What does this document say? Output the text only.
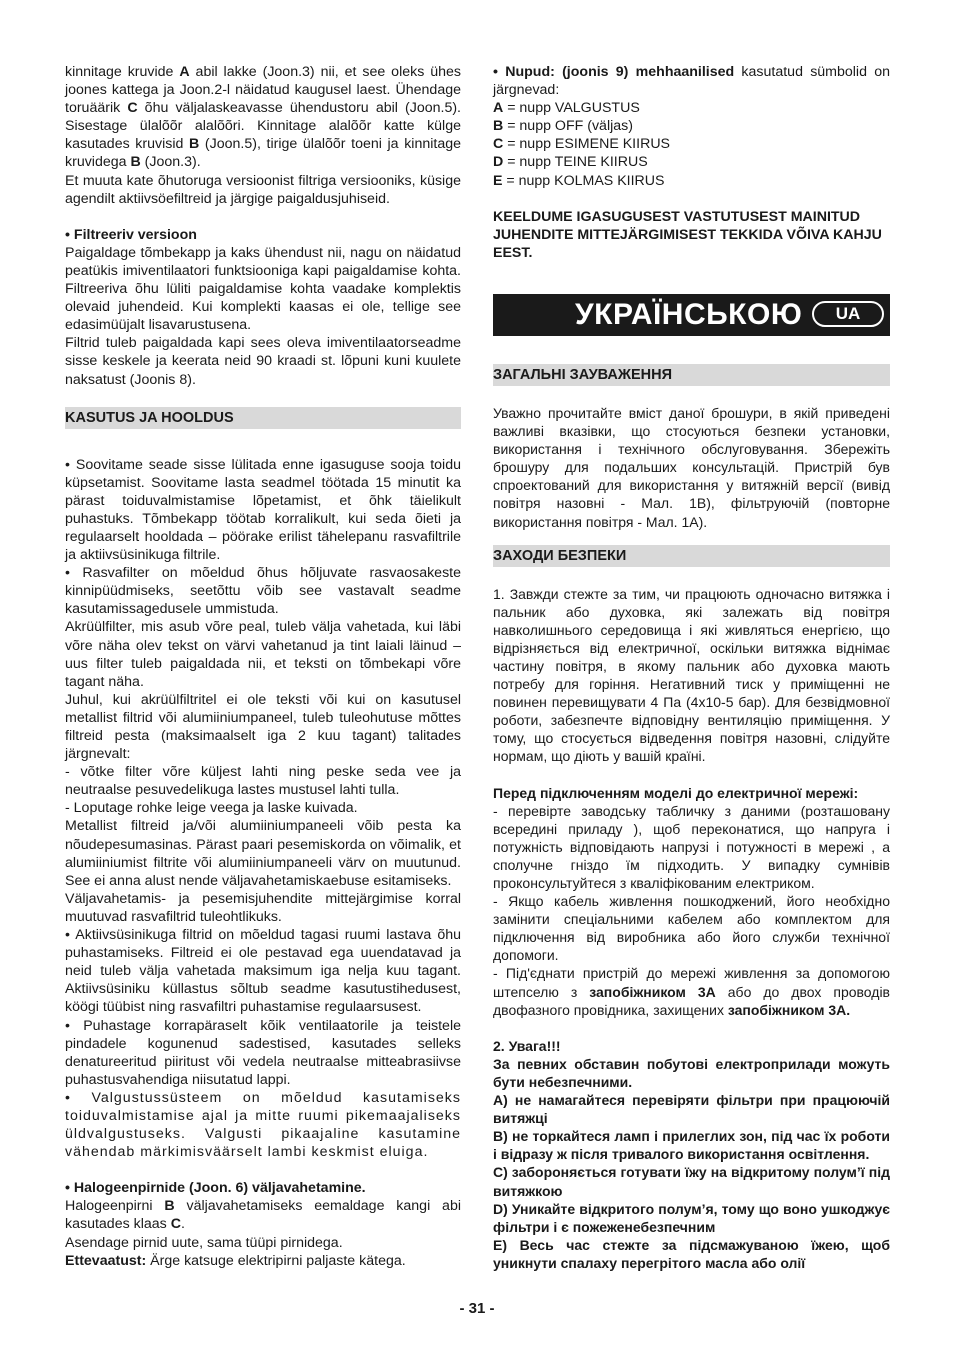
kinnitage kruvide A abil lakke (Joon.3) nii, et see oleks ühes joones kattega ja Joon.2-l näidatud kaugusel laest. Ühendage toruäärik C õhu väljalaskeavasse ühendustoru abil (Joon.5). Sisestage ülalõõr alalõõri. Kinnitage alalõõr katte külge kasutades kruvisid B (Joon.5), tirige ülalõõr toeni ja kinnitage kruvidega B (Joon.3).

Et muuta kate õhutoruga versioonist filtriga versiooniks, küsige agendilt aktiivsöefiltreid ja järgige paigaldusjuhiseid.

• Filtreeriv versioon

Paigaldage tõmbekapp ja kaks ühendust nii, nagu on näidatud peatükis imiventilaatori funktsiooniga kapi paigaldamise kohta. Filtreeriva õhu lüliti paigaldamise kohta vaadake komplektis olevaid juhendeid. Kui komplekti kaasas ei ole, tellige see edasimüüjalt lisavarustusena.

Filtrid tuleb paigaldada kapi sees oleva imiventilaatorseadme sisse keskele ja keerata neid 90 kraadi st. lõpuni kuni kuulete naksatust (Joonis 8).

KASUTUS JA HOOLDUS

• Soovitame seade sisse lülitada enne igasuguse sooja toidu küpsetamist. Soovitame lasta seadmel töötada 15 minutit ka pärast toiduvalmistamise lõpetamist, et õhk täielikult puhastuks. Tõmbekapp töötab korralikult, kui seda õieti ja regulaarselt hooldada – pöörake erilist tähelepanu rasvafiltrile ja aktiivsüsinikuga filtrile.

• Rasvafilter on mõeldud õhus hõljuvate rasvaosakeste kinnipüüdmiseks, seetõttu võib see vastavalt seadme kasutamissagedusele ummistuda.

Akrüülfilter, mis asub võre peal, tuleb välja vahetada, kui läbi võre näha olev tekst on värvi vahetanud ja tint laiali läinud – uus filter tuleb paigaldada nii, et teksti on tõmbekapi võre tagant näha.

Juhul, kui akrüülfiltritel ei ole teksti või kui on kasutusel metallist filtrid või alumiiniumpaneel, tuleb tuleohutuse mõttes filtreid pesta (maksimaalselt iga 2 kuu tagant) talitades järgnevalt:

- võtke filter võre küljest lahti ning peske seda vee ja neutraalse pesuvedelikuga lastes mustusel lahti tulla.

- Loputage rohke leige veega ja laske kuivada.

Metallist filtreid ja/või alumiiniumpaneeli võib pesta ka nõudepesumasinas. Pärast paari pesemiskorda on võimalik, et alumiiniumist filtrite või alumiiniumpaneeli värv on muutunud. See ei anna alust nende väljavahetamiskaebuse esitamiseks.

Väljavahetamis- ja pesemisjuhendite mittejärgimise korral muutuvad rasvafiltrid tuleohtlikuks.

• Aktiivsüsinikuga filtrid on mõeldud tagasi ruumi lastava õhu puhastamiseks. Filtreid ei ole pestavad ega uuendatavad ja neid tuleb välja vahetada maksimum iga nelja kuu tagant. Aktiivsüsiniku küllastus sõltub seadme kasutustihedusest, köögi tüübist ning rasvafiltri puhastamise regulaarsusest.

• Puhastage korrapäraselt kõik ventilaatorile ja teistele pindadele kogunenud sadestised, kasutades selleks denatureeritud piiritust või vedela neutraalse mitteabrasiivse puhastusvahendiga niisutatud lappi.

• Valgustussüsteem on mõeldud kasutamiseks toiduvalmistamise ajal ja mitte ruumi pikemaajaliseks üldvalgustuseks. Valgusti pikaajaline kasutamine vähendab märkimisväärselt lambi keskmist eluiga.

• Halogeenpirnide (Joon. 6) väljavahetamine.

Halogeenpirni B väljavahetamiseks eemaldage kangi abi kasutades klaas C.

Asendage pirnid uute, sama tüüpi pirnidega.

Ettevaatust: Ärge katsuge elektripirni paljaste kätega.

• Nupud: (joonis 9) mehhaanilised kasutatud sümbolid on järgnevad:

A = nupp VALGUSTUS

B = nupp OFF (väljas)

C = nupp ESIMENE KIIRUS

D = nupp TEINE KIIRUS

E = nupp KOLMAS KIIRUS

KEELDUME IGASUGUSEST VASTUTUSEST MAINITUD JUHENDITE MITTEJÄRGIMISEST TEKKIDA VÕIVA KAHJU EEST.

УКРАЇНСЬКОЮ	UA

ЗАГАЛЬНІ ЗАУВАЖЕННЯ

Уважно прочитайте вміст даної брошури, в якій приведені важливі вказівки, що стосуються безпеки установки, використання і технічного обслуговування. Збережіть брошуру для подальших консультацій. Пристрій був спроектований для використання у витяжній версії (вивід повітря назовні - Мал. 1B), фільтруючій (повторне використання повітря - Мал. 1A).

ЗАХОДИ БЕЗПЕКИ

1. Завжди стежте за тим, чи працюють одночасно витяжка і пальник або духовка, які залежать від повітря навколишнього середовища і які живляться енергією, що відрізняється від електричної, оскільки витяжка віднімає частину повітря, в якому пальник або духовка мають потребу для горіння. Негативний тиск у приміщенні не повинен перевищувати 4 Па (4x10-5 бар). Для безвідмовної роботи, забезпечте відповідну вентиляцію приміщення. У тому, що стосується відведення повітря назовні, слідуйте нормам, що діють у вашій країні.

Перед підключенням моделі до електричної мережі:

- перевірте заводську табличку з даними (розташовану всередині приладу ), щоб переконатися, що напруга і потужність відповідають напрузі і потужності в мережі , а сполучне гніздо їм підходить. У випадку сумнівів проконсультуйтеся з кваліфікованим електриком.

- Якщо кабель живлення пошкоджений, його необхідно замінити спеціальними кабелем або комплектом для підключення від виробника або його служби технічної допомоги.

- Під'єднати пристрій до мережі живлення за допомогою штепселю з запобіжником 3А або до двох проводів двофазного провідника, захищених запобіжником 3А.

2. Увага!!!

За певних обставин побутові електроприлади можуть бути небезпечними.

А) не намагайтеся перевіряти фільтри при працюючій витяжці

В) не торкайтеся ламп і прилеглих зон, під час їх роботи і відразу ж після тривалого використання освітлення.

С) забороняється готувати їжу на відкритому полум’ї під витяжкою

D) Уникайте відкритого полум’я, тому що воно ушкоджує фільтри і є пожеженебезпечним

Е) Весь час стежте за підсмажуваною їжею, щоб уникнути спалаху перегрітого масла або олії

- 31 -
